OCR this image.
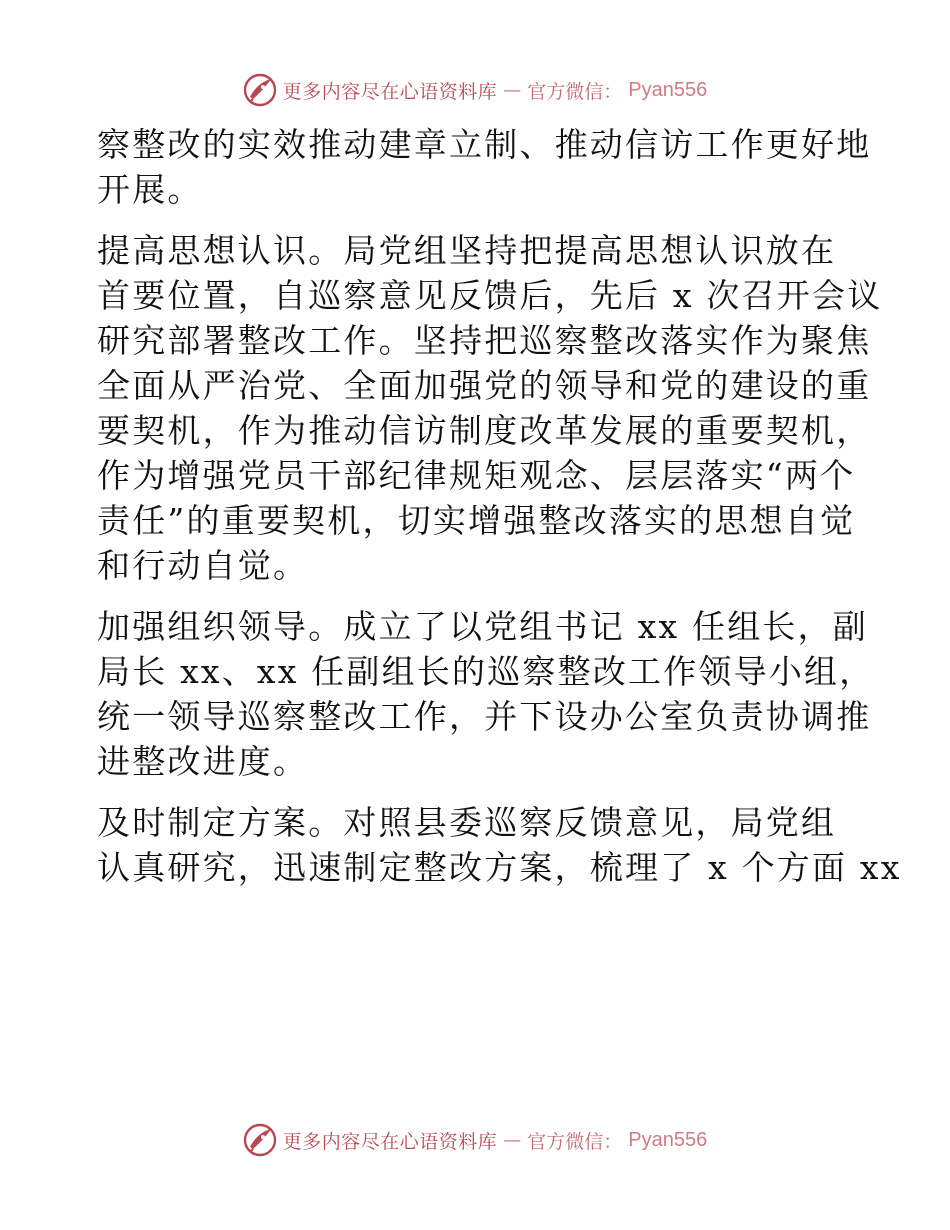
更多内容尽在心语资料库 — 官方微信： Pyan556
察整改的实效推动建章立制、推动信访工作更好地
开展。
提高思想认识。局党组坚持把提高思想认识放在
首要位置，自巡察意见反馈后，先后 x 次召开会议
研究部署整改工作。坚持把巡察整改落实作为聚焦
全面从严治党、全面加强党的领导和党的建设的重
要契机，作为推动信访制度改革发展的重要契机，
作为增强党员干部纪律规矩观念、层层落实“两个
责任”的重要契机，切实增强整改落实的思想自觉
和行动自觉。
加强组织领导。成立了以党组书记 xx 任组长，副
局长 xx、xx 任副组长的巡察整改工作领导小组，
统一领导巡察整改工作，并下设办公室负责协调推
进整改进度。
及时制定方案。对照县委巡察反馈意见，局党组
认真研究，迅速制定整改方案，梳理了 x 个方面 xx
更多内容尽在心语资料库 — 官方微信： Pyan556
